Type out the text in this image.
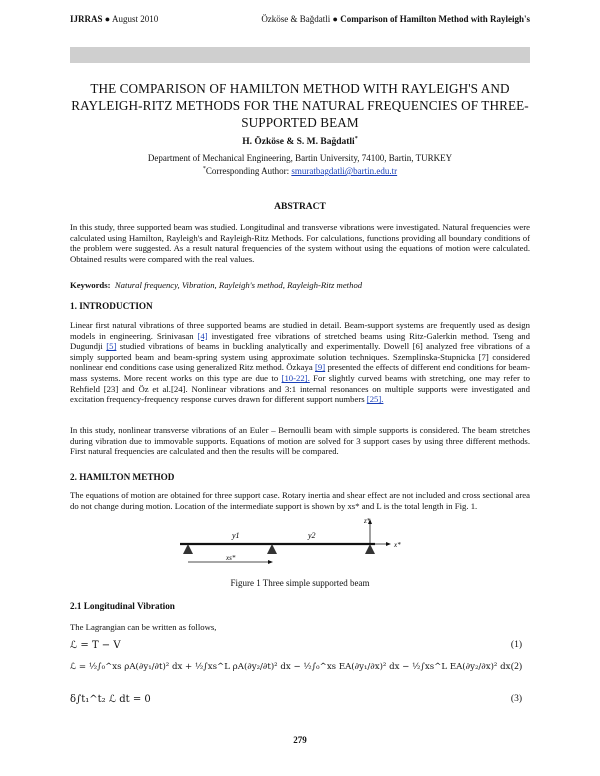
IJRRAS ● August 2010	Özköse & Bağdatli ● Comparison of Hamilton Method with Rayleigh's
THE COMPARISON OF HAMILTON METHOD WITH RAYLEIGH'S AND RAYLEIGH-RITZ METHODS FOR THE NATURAL FREQUENCIES OF THREE-SUPPORTED BEAM
H. Özköse & S. M. Bağdatli*
Department of Mechanical Engineering, Bartin University, 74100, Bartin, TURKEY
*Corresponding Author: smuratbagdatli@bartin.edu.tr
ABSTRACT
In this study, three supported beam was studied. Longitudinal and transverse vibrations were investigated. Natural frequencies were calculated using Hamilton, Rayleigh's and Rayleigh-Ritz Methods. For calculations, functions providing all boundary conditions of the problem were suggested. As a result natural frequencies of the system without using the equations of motion were calculated. Obtained results were compared with the real values.
Keywords: Natural frequency, Vibration, Rayleigh's method, Rayleigh-Ritz method
1. INTRODUCTION
Linear first natural vibrations of three supported beams are studied in detail. Beam-support systems are frequently used as design models in engineering. Srinivasan [4] investigated free vibrations of stretched beams using Ritz-Galerkin method. Tseng and Dugundji [5] studied vibrations of beams in buckling analytically and experimentally. Dowell [6] analyzed free vibrations of a simply supported beam and beam-spring system using approximate solution techniques. Szemplinska-Stupnicka [7] considered nonlinear end conditions case using generalized Ritz method. Özkaya [9] presented the effects of different end conditions for beam-mass systems. More recent works on this type are due to [10-22]. For slightly curved beams with stretching, one may refer to Rehfield [23] and Öz et al.[24]. Nonlinear vibrations and 3:1 internal resonances on multiple supports were investigated and excitation frequency-frequency response curves drawn for different support numbers [25].
In this study, nonlinear transverse vibrations of an Euler – Bernoulli beam with simple supports is considered. The beam stretches during vibration due to immovable supports. Equations of motion are solved for 3 support cases by using three different methods. First natural frequencies are calculated and then the results will be compared.
2. HAMILTON METHOD
The equations of motion are obtained for three support case. Rotary inertia and shear effect are not included and cross sectional area do not change during motion. Location of the intermediate support is shown by xs* and L is the total length in Fig. 1.
y1	y2
xs*
x*
z*
Figure 1 Three simple supported beam
2.1 Longitudinal Vibration
The Lagrangian can be written as follows,
ℒ = T − V	(1)
ℒ = ½∫₀^xs ρA(∂y₁/∂t)² dx + ½∫xs^L ρA(∂y₂/∂t)² dx − ½∫₀^xs EA(∂y₁/∂x)² dx − ½∫xs^L EA(∂y₂/∂x)² dx (2)
δ∫t₁^t₂ ℒ dt = 0	(3)
279
